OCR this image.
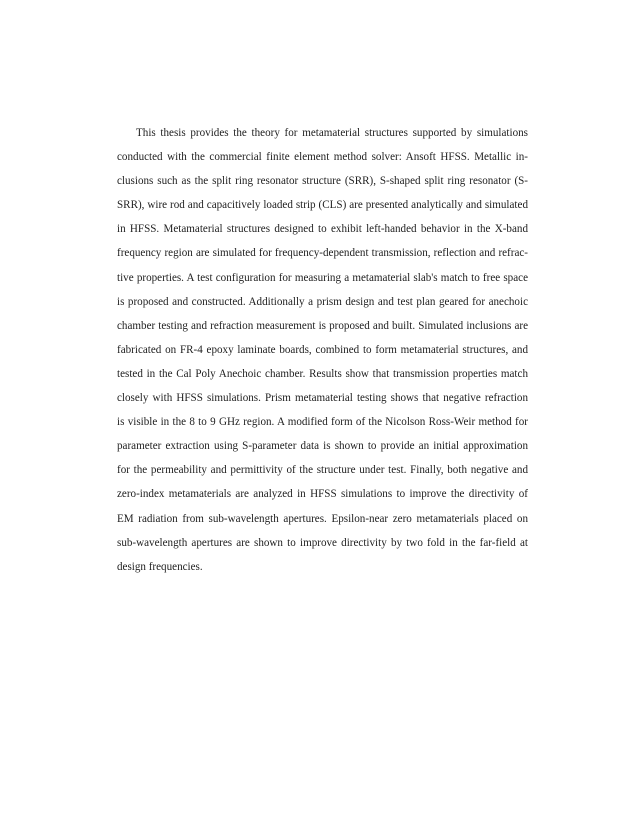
This thesis provides the theory for metamaterial structures supported by simulations
conducted with the commercial finite element method solver: Ansoft HFSS. Metallic in-
clusions such as the split ring resonator structure (SRR), S-shaped split ring resonator (S-
SRR), wire rod and capacitively loaded strip (CLS) are presented analytically and simulated
in HFSS. Metamaterial structures designed to exhibit left-handed behavior in the X-band
frequency region are simulated for frequency-dependent transmission, reflection and refrac-
tive properties. A test configuration for measuring a metamaterial slab's match to free space
is proposed and constructed. Additionally a prism design and test plan geared for anechoic
chamber testing and refraction measurement is proposed and built. Simulated inclusions are
fabricated on FR-4 epoxy laminate boards, combined to form metamaterial structures, and
tested in the Cal Poly Anechoic chamber. Results show that transmission properties match
closely with HFSS simulations. Prism metamaterial testing shows that negative refraction
is visible in the 8 to 9 GHz region. A modified form of the Nicolson Ross-Weir method for
parameter extraction using S-parameter data is shown to provide an initial approximation
for the permeability and permittivity of the structure under test. Finally, both negative and
zero-index metamaterials are analyzed in HFSS simulations to improve the directivity of
EM radiation from sub-wavelength apertures. Epsilon-near zero metamaterials placed on
sub-wavelength apertures are shown to improve directivity by two fold in the far-field at
design frequencies.
